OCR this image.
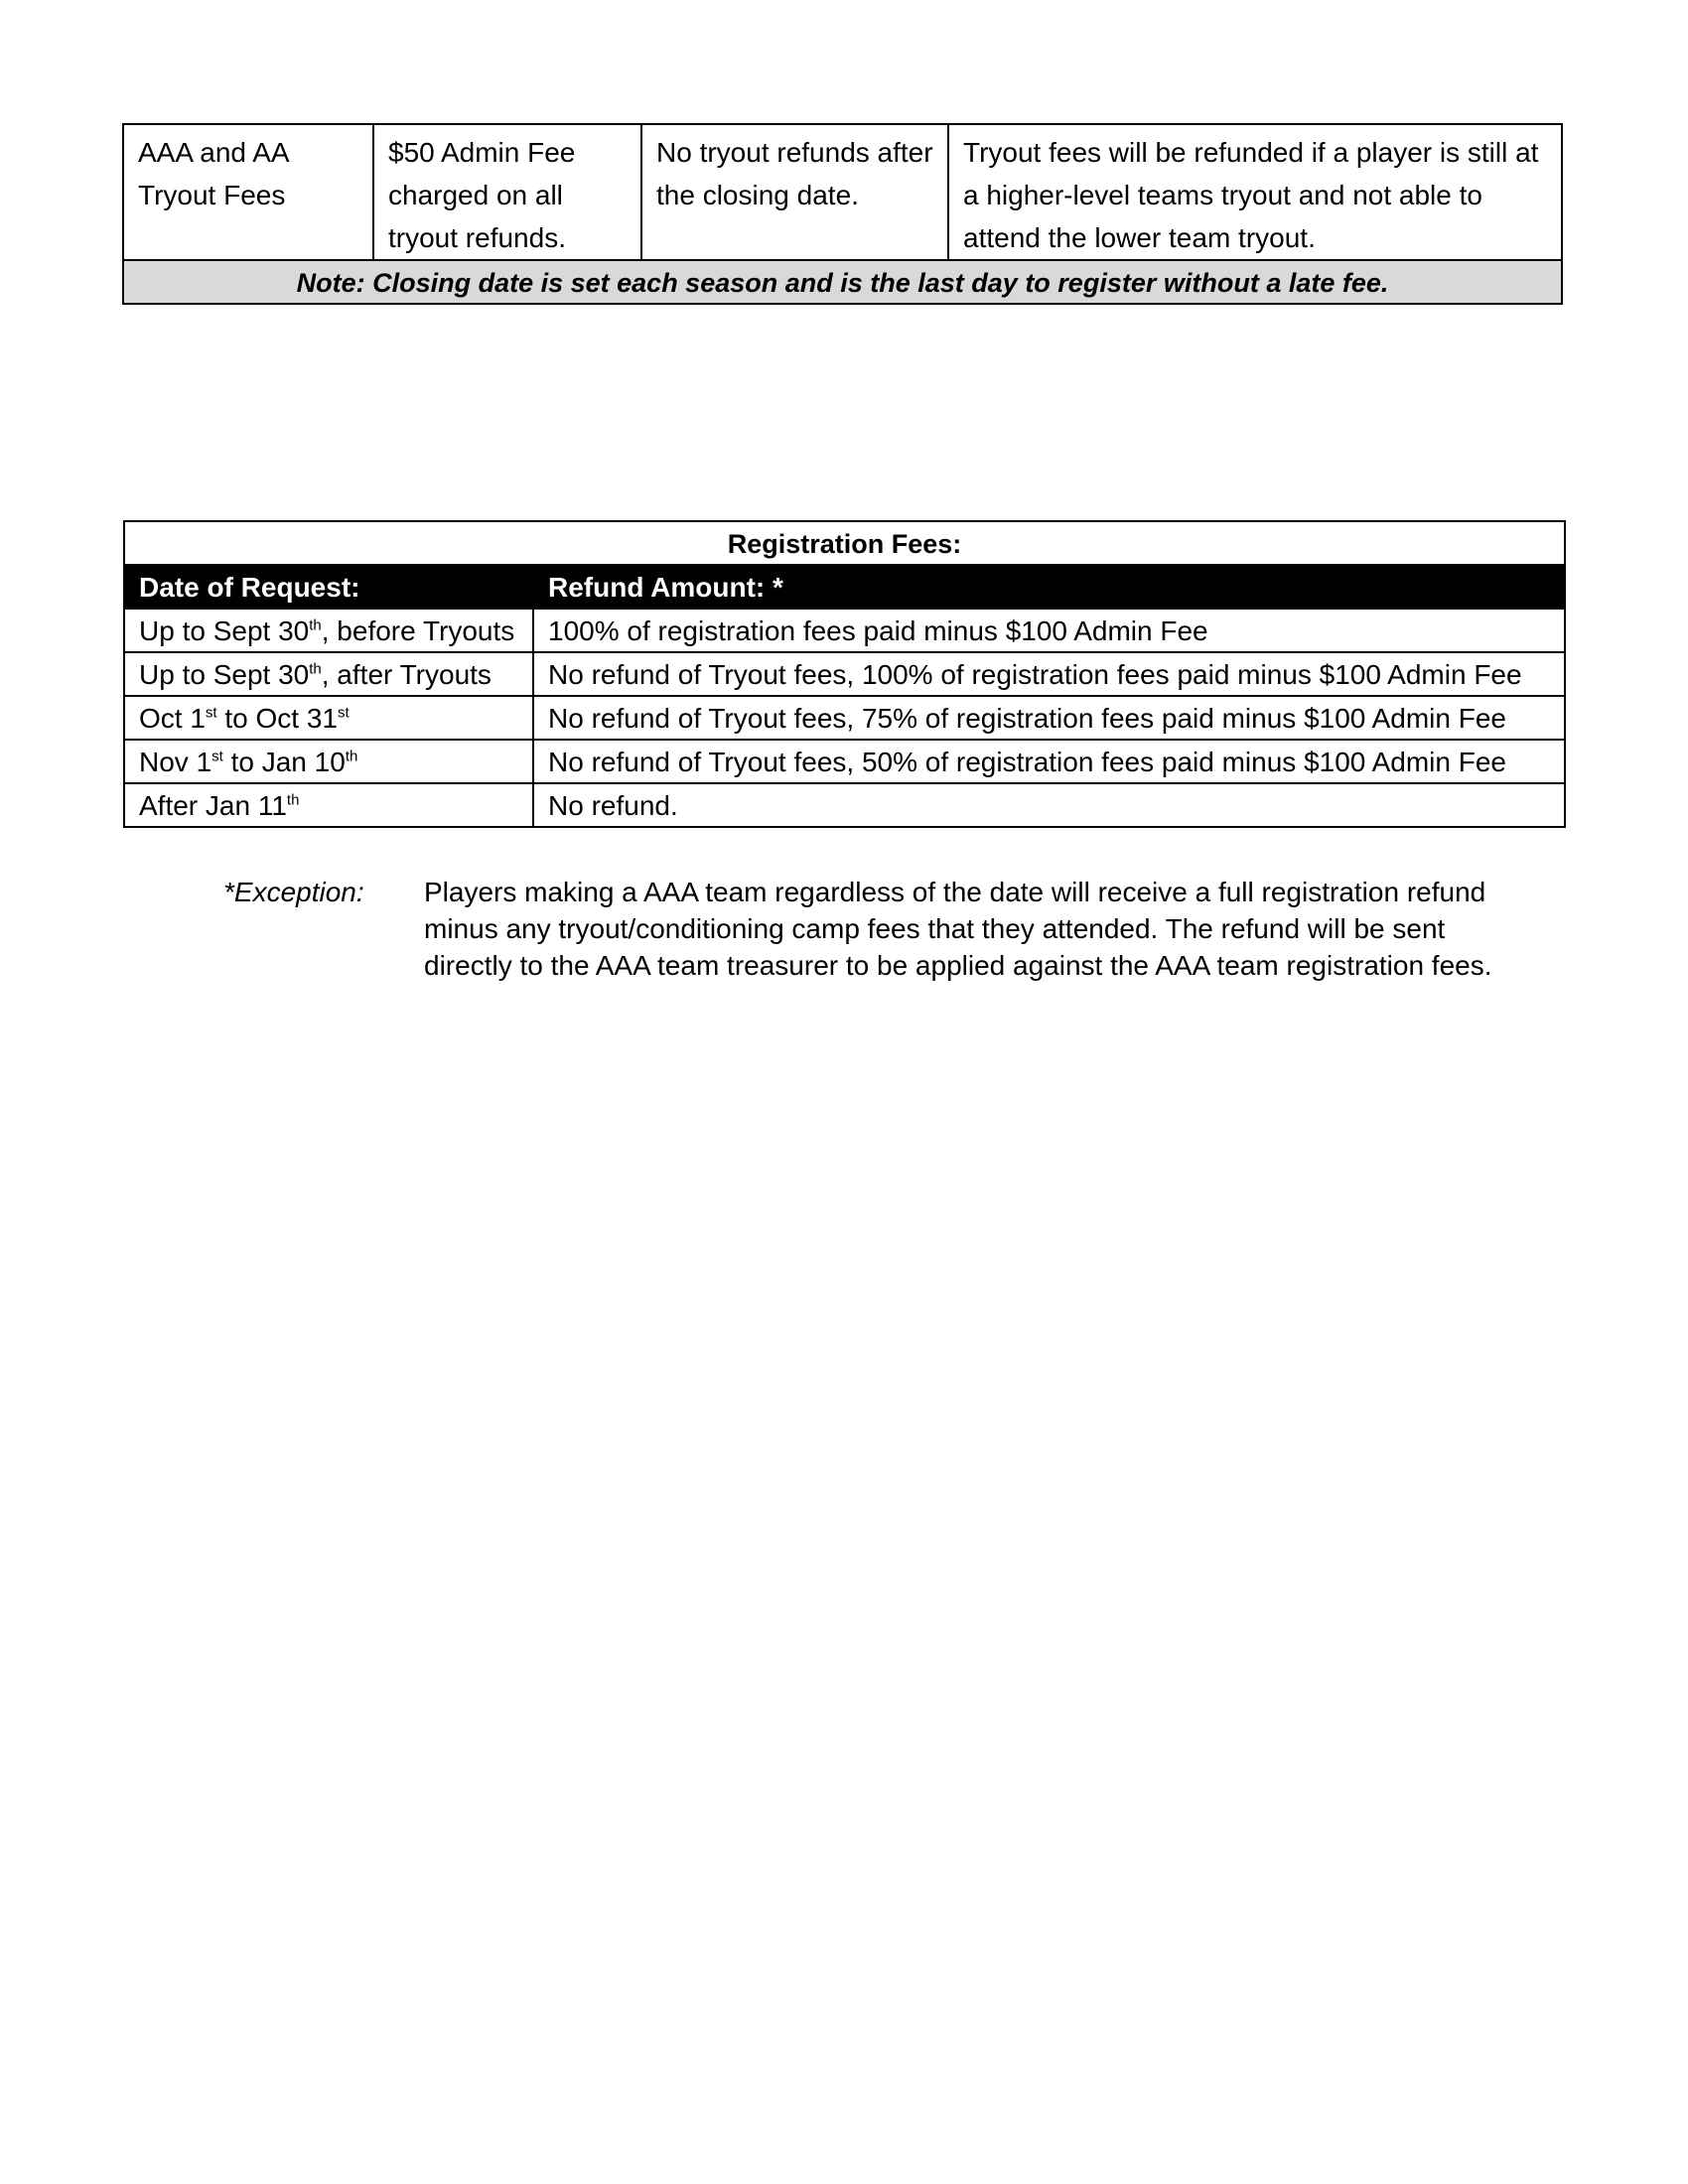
AAA and AA Tryout Fees	$50 Admin Fee charged on all tryout refunds.	No tryout refunds after the closing date.	Tryout fees will be refunded if a player is still at a higher-level teams tryout and not able to attend the lower team tryout.
Note: Closing date is set each season and is the last day to register without a late fee.
Registration Fees:	
Date of Request:	Refund Amount: *
Up to Sept 30th, before Tryouts	100% of registration fees paid minus $100 Admin Fee
Up to Sept 30th, after Tryouts	No refund of Tryout fees, 100% of registration fees paid minus $100 Admin Fee
Oct 1st to Oct 31st	No refund of Tryout fees, 75% of registration fees paid minus $100 Admin Fee
Nov 1st to Jan 10th	No refund of Tryout fees, 50% of registration fees paid minus $100 Admin Fee
After Jan 11th	No refund.
*Exception: Players making a AAA team regardless of the date will receive a full registration refund minus any tryout/conditioning camp fees that they attended. The refund will be sent directly to the AAA team treasurer to be applied against the AAA team registration fees.
